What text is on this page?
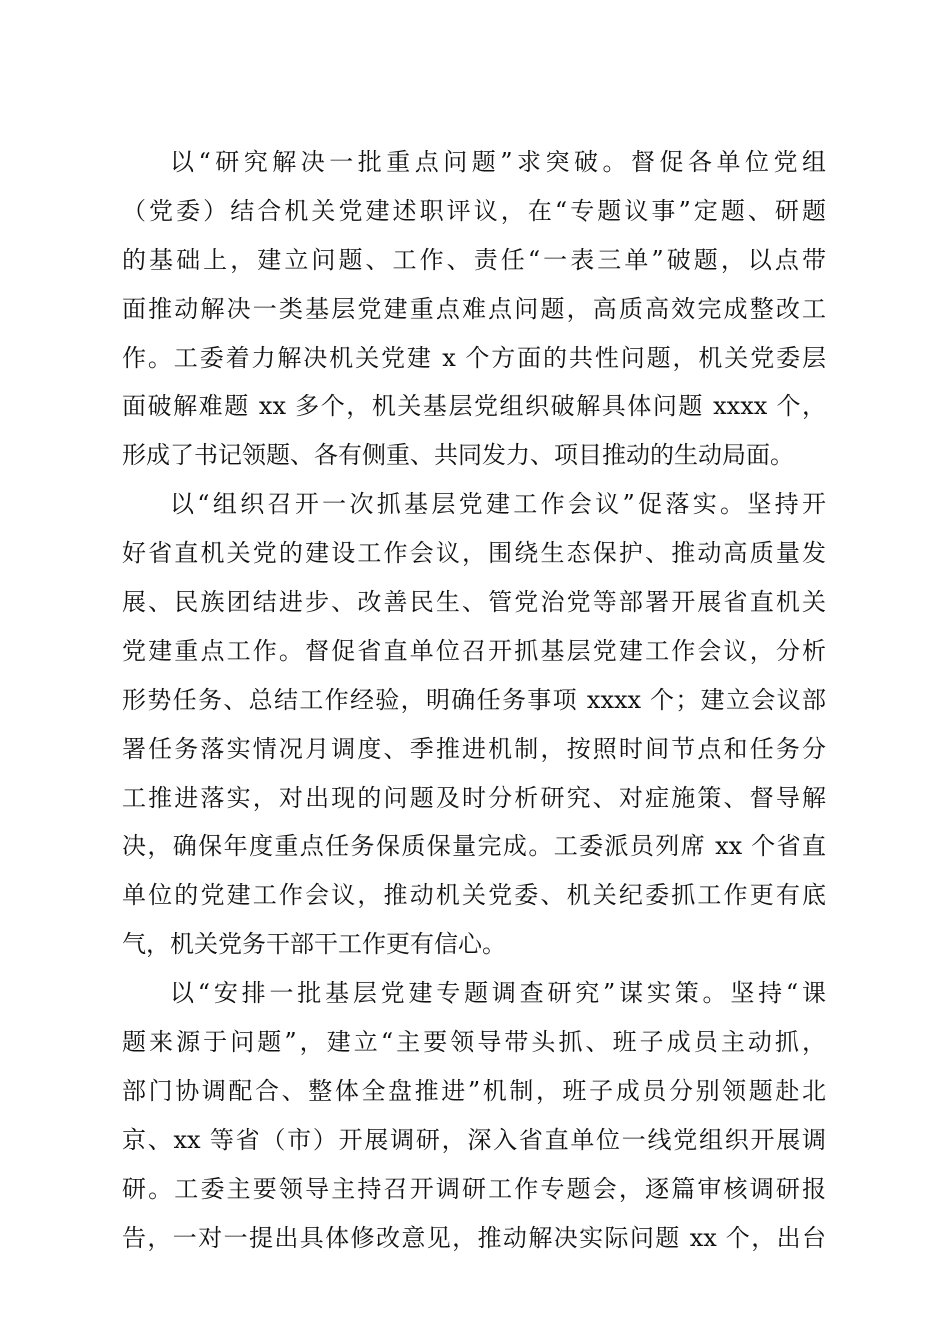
以“研究解决一批重点问题”求突破。督促各单位党组
（党委）结合机关党建述职评议，在“专题议事”定题、研题
的基础上，建立问题、工作、责任“一表三单”破题，以点带
面推动解决一类基层党建重点难点问题，高质高效完成整改工
作。工委着力解决机关党建 x 个方面的共性问题，机关党委层
面破解难题 xx 多个，机关基层党组织破解具体问题 xxxx 个，
形成了书记领题、各有侧重、共同发力、项目推动的生动局面。
以“组织召开一次抓基层党建工作会议”促落实。坚持开
好省直机关党的建设工作会议，围绕生态保护、推动高质量发
展、民族团结进步、改善民生、管党治党等部署开展省直机关
党建重点工作。督促省直单位召开抓基层党建工作会议，分析
形势任务、总结工作经验，明确任务事项 xxxx 个；建立会议部
署任务落实情况月调度、季推进机制，按照时间节点和任务分
工推进落实，对出现的问题及时分析研究、对症施策、督导解
决，确保年度重点任务保质保量完成。工委派员列席 xx 个省直
单位的党建工作会议，推动机关党委、机关纪委抓工作更有底
气，机关党务干部干工作更有信心。
以“安排一批基层党建专题调查研究”谋实策。坚持“课
题来源于问题”，建立“主要领导带头抓、班子成员主动抓，
部门协调配合、整体全盘推进”机制，班子成员分别领题赴北
京、xx 等省（市）开展调研，深入省直单位一线党组织开展调
研。工委主要领导主持召开调研工作专题会，逐篇审核调研报
告，一对一提出具体修改意见，推动解决实际问题 xx 个，出台
